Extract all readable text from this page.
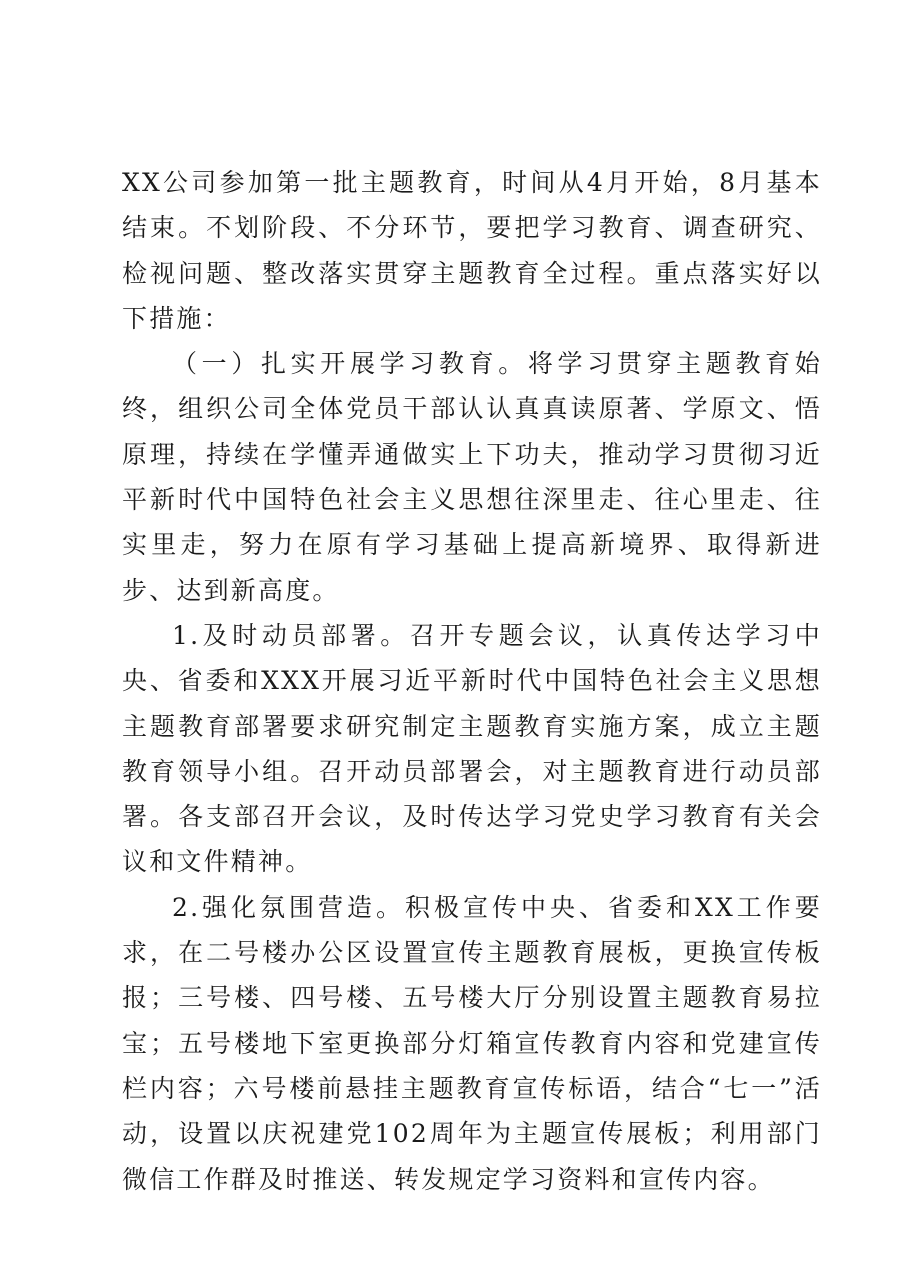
XX公司参加第一批主题教育，时间从4月开始，8月基本结束。不划阶段、不分环节，要把学习教育、调查研究、检视问题、整改落实贯穿主题教育全过程。重点落实好以下措施：

（一）扎实开展学习教育。将学习贯穿主题教育始终，组织公司全体党员干部认认真真读原著、学原文、悟原理，持续在学懂弄通做实上下功夫，推动学习贯彻习近平新时代中国特色社会主义思想往深里走、往心里走、往实里走，努力在原有学习基础上提高新境界、取得新进步、达到新高度。

1.及时动员部署。召开专题会议，认真传达学习中央、省委和XXX开展习近平新时代中国特色社会主义思想主题教育部署要求研究制定主题教育实施方案，成立主题教育领导小组。召开动员部署会，对主题教育进行动员部署。各支部召开会议，及时传达学习党史学习教育有关会议和文件精神。

2.强化氛围营造。积极宣传中央、省委和XX工作要求，在二号楼办公区设置宣传主题教育展板，更换宣传板报；三号楼、四号楼、五号楼大厅分别设置主题教育易拉宝；五号楼地下室更换部分灯箱宣传教育内容和党建宣传栏内容；六号楼前悬挂主题教育宣传标语，结合“七一”活动，设置以庆祝建党102周年为主题宣传展板；利用部门微信工作群及时推送、转发规定学习资料和宣传内容。
